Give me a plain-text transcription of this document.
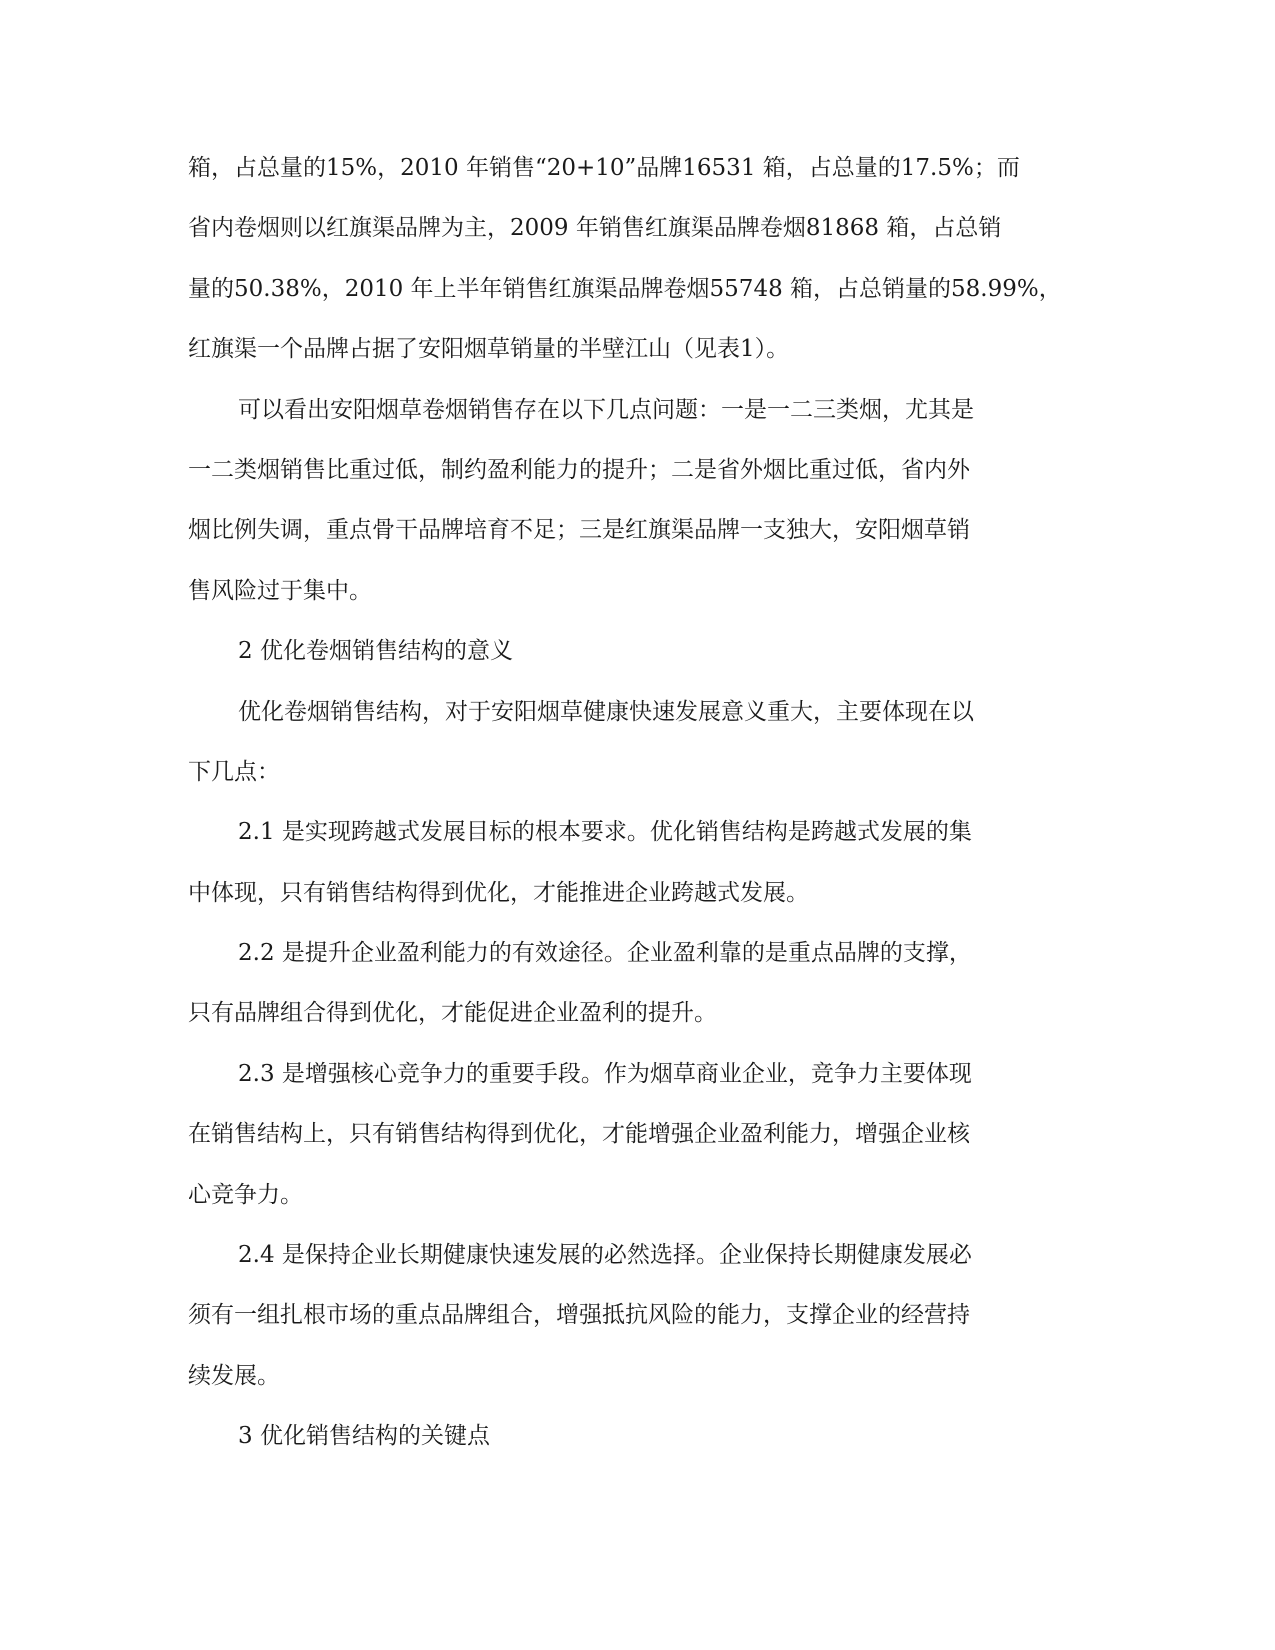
箱，占总量的15%，2010 年销售“20+10”品牌16531 箱，占总量的17.5%；而
省内卷烟则以红旗渠品牌为主，2009 年销售红旗渠品牌卷烟81868 箱，占总销
量的50.38%，2010 年上半年销售红旗渠品牌卷烟55748 箱，占总销量的58.99%，
红旗渠一个品牌占据了安阳烟草销量的半壁江山（见表1）。
可以看出安阳烟草卷烟销售存在以下几点问题：一是一二三类烟，尤其是
一二类烟销售比重过低，制约盈利能力的提升；二是省外烟比重过低，省内外
烟比例失调，重点骨干品牌培育不足；三是红旗渠品牌一支独大，安阳烟草销
售风险过于集中。
2 优化卷烟销售结构的意义
优化卷烟销售结构，对于安阳烟草健康快速发展意义重大，主要体现在以
下几点：
2.1 是实现跨越式发展目标的根本要求。优化销售结构是跨越式发展的集
中体现，只有销售结构得到优化，才能推进企业跨越式发展。
2.2 是提升企业盈利能力的有效途径。企业盈利靠的是重点品牌的支撑，
只有品牌组合得到优化，才能促进企业盈利的提升。
2.3 是增强核心竞争力的重要手段。作为烟草商业企业，竞争力主要体现
在销售结构上，只有销售结构得到优化，才能增强企业盈利能力，增强企业核
心竞争力。
2.4 是保持企业长期健康快速发展的必然选择。企业保持长期健康发展必
须有一组扎根市场的重点品牌组合，增强抵抗风险的能力，支撑企业的经营持
续发展。
3 优化销售结构的关键点
